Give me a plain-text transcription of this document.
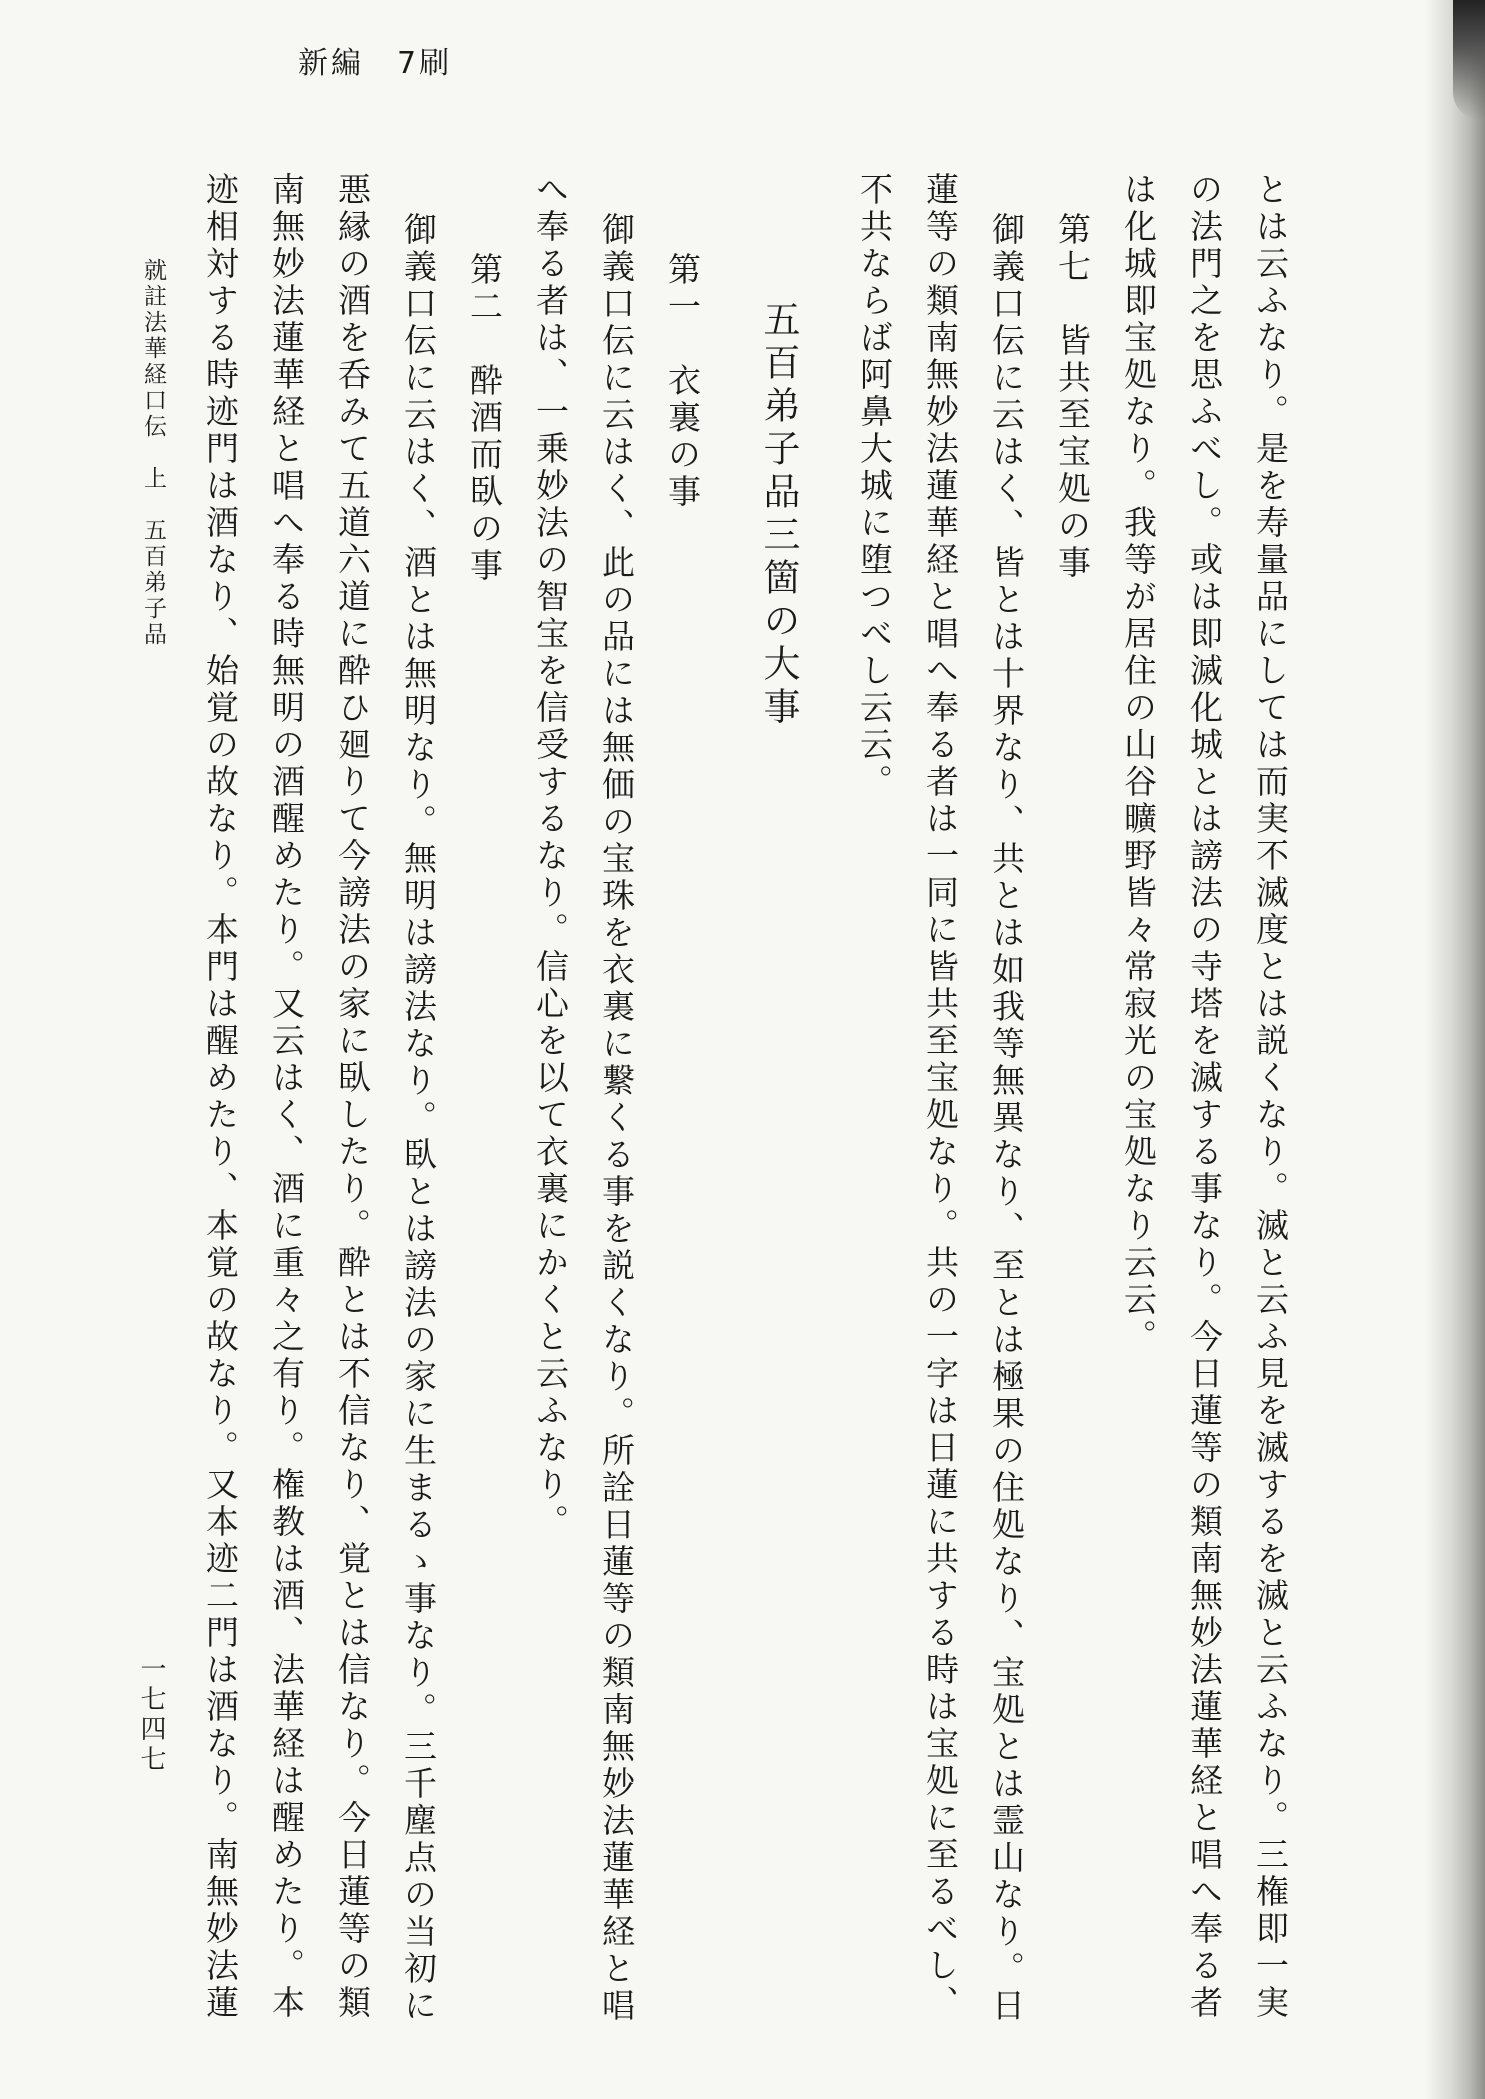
新編　7刷
とは云ふなり。是を寿量品にしては而実不滅度とは説くなり。滅と云ふ見を滅するを滅と云ふなり。三権即一実
の法門之を思ふべし。或は即滅化城とは謗法の寺塔を滅する事なり。今日蓮等の類南無妙法蓮華経と唱へ奉る者
は化城即宝処なり。我等が居住の山谷曠野皆々常寂光の宝処なり云云。
第七　皆共至宝処の事
御義口伝に云はく、皆とは十界なり、共とは如我等無異なり、至とは極果の住処なり、宝処とは霊山なり。日
蓮等の類南無妙法蓮華経と唱へ奉る者は一同に皆共至宝処なり。共の一字は日蓮に共する時は宝処に至るべし、
不共ならば阿鼻大城に堕つべし云云。
五百弟子品三箇の大事
第一　衣裏の事
御義口伝に云はく、此の品には無価の宝珠を衣裏に繋くる事を説くなり。所詮日蓮等の類南無妙法蓮華経と唱
へ奉る者は、一乗妙法の智宝を信受するなり。信心を以て衣裏にかくと云ふなり。
第二　酔酒而臥の事
御義口伝に云はく、酒とは無明なり。無明は謗法なり。臥とは謗法の家に生まるゝ事なり。三千塵点の当初に
悪縁の酒を呑みて五道六道に酔ひ廻りて今謗法の家に臥したり。酔とは不信なり、覚とは信なり。今日蓮等の類
南無妙法蓮華経と唱へ奉る時無明の酒醒めたり。又云はく、酒に重々之有り。権教は酒、法華経は醒めたり。本
迹相対する時迹門は酒なり、始覚の故なり。本門は醒めたり、本覚の故なり。又本迹二門は酒なり。南無妙法蓮
就註法華経口伝　上　五百弟子品
一七四七
